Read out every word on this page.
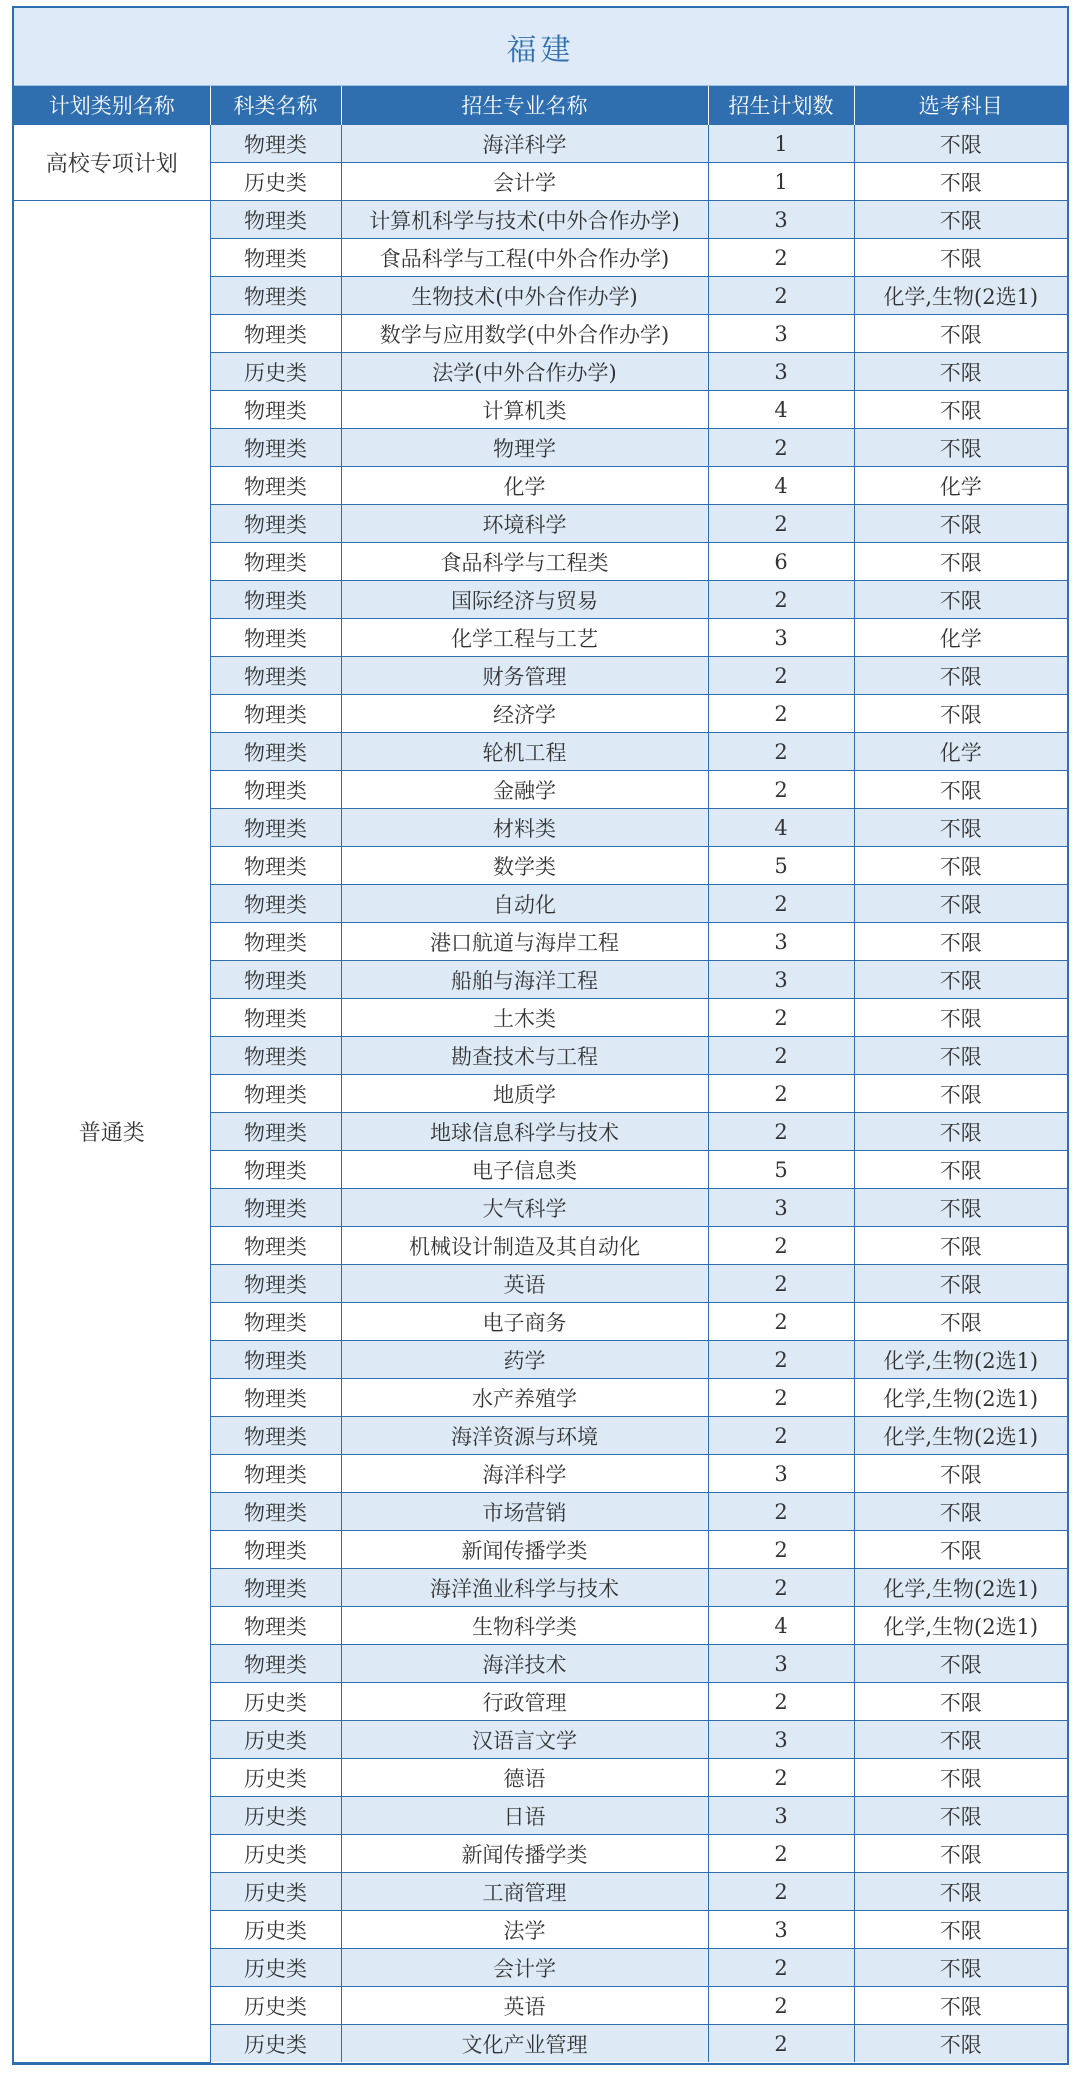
福建
计划类别名称	科类名称	招生专业名称	招生计划数	选考科目
高校专项计划	物理类	海洋科学	1	不限
	历史类	会计学	1	不限
普通类	物理类	计算机科学与技术(中外合作办学)	3	不限
	物理类	食品科学与工程(中外合作办学)	2	不限
	物理类	生物技术(中外合作办学)	2	化学,生物(2选1)
	物理类	数学与应用数学(中外合作办学)	3	不限
	历史类	法学(中外合作办学)	3	不限
	物理类	计算机类	4	不限
	物理类	物理学	2	不限
	物理类	化学	4	化学
	物理类	环境科学	2	不限
	物理类	食品科学与工程类	6	不限
	物理类	国际经济与贸易	2	不限
	物理类	化学工程与工艺	3	化学
	物理类	财务管理	2	不限
	物理类	经济学	2	不限
	物理类	轮机工程	2	化学
	物理类	金融学	2	不限
	物理类	材料类	4	不限
	物理类	数学类	5	不限
	物理类	自动化	2	不限
	物理类	港口航道与海岸工程	3	不限
	物理类	船舶与海洋工程	3	不限
	物理类	土木类	2	不限
	物理类	勘查技术与工程	2	不限
	物理类	地质学	2	不限
	物理类	地球信息科学与技术	2	不限
	物理类	电子信息类	5	不限
	物理类	大气科学	3	不限
	物理类	机械设计制造及其自动化	2	不限
	物理类	英语	2	不限
	物理类	电子商务	2	不限
	物理类	药学	2	化学,生物(2选1)
	物理类	水产养殖学	2	化学,生物(2选1)
	物理类	海洋资源与环境	2	化学,生物(2选1)
	物理类	海洋科学	3	不限
	物理类	市场营销	2	不限
	物理类	新闻传播学类	2	不限
	物理类	海洋渔业科学与技术	2	化学,生物(2选1)
	物理类	生物科学类	4	化学,生物(2选1)
	物理类	海洋技术	3	不限
	历史类	行政管理	2	不限
	历史类	汉语言文学	3	不限
	历史类	德语	2	不限
	历史类	日语	3	不限
	历史类	新闻传播学类	2	不限
	历史类	工商管理	2	不限
	历史类	法学	3	不限
	历史类	会计学	2	不限
	历史类	英语	2	不限
	历史类	文化产业管理	2	不限
